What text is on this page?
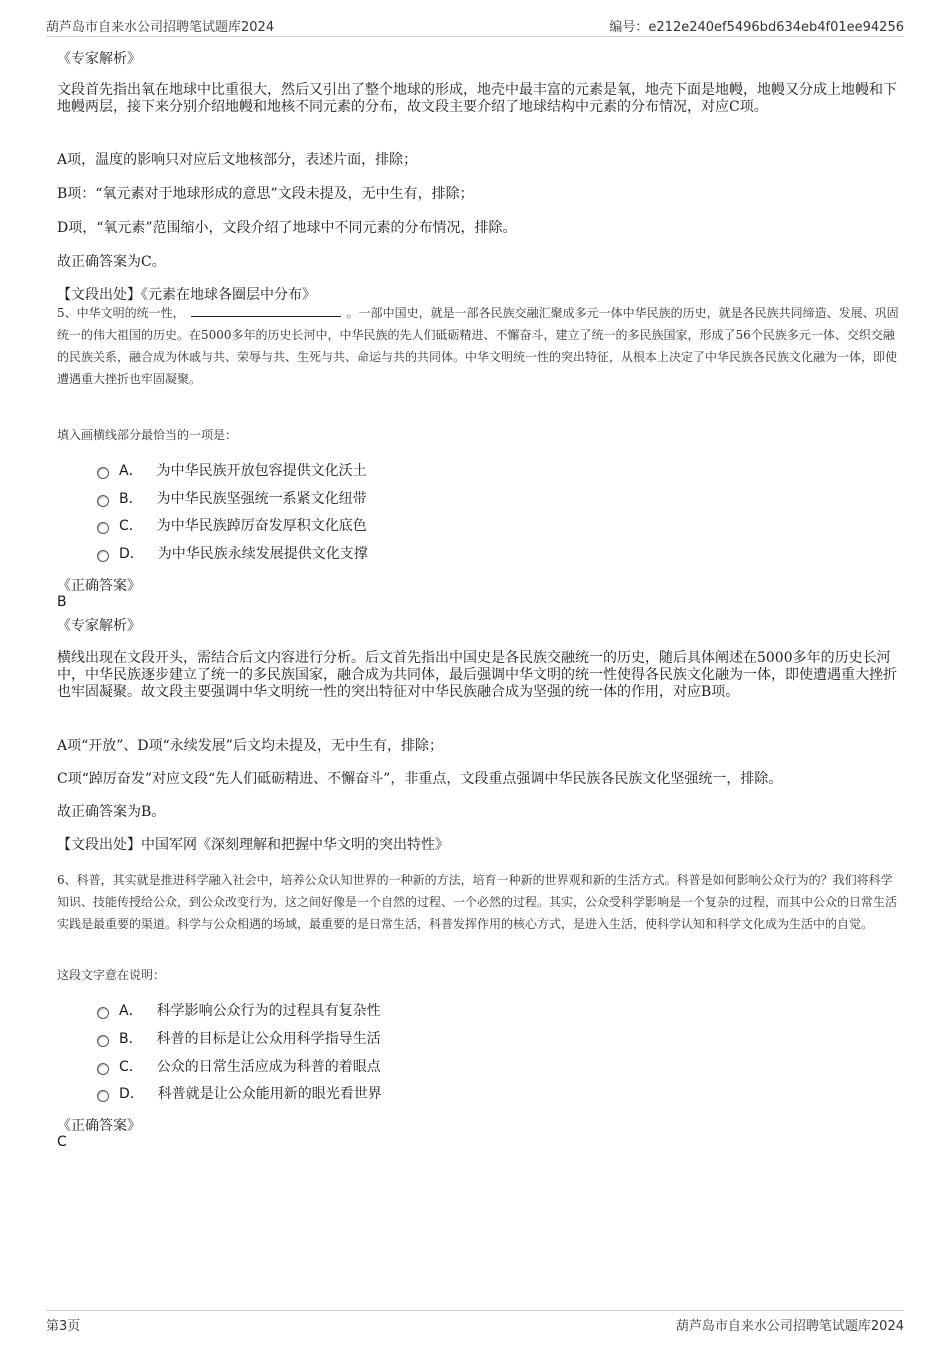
葫芦岛市自来水公司招聘笔试题库2024	编号：e212e240ef5496bd634eb4f01ee94256

《专家解析》

文段首先指出氧在地球中比重很大，然后又引出了整个地球的形成，地壳中最丰富的元素是氧，地壳下面是地幔，地幔又分成上地幔和下地幔两层，接下来分别介绍地幔和地核不同元素的分布，故文段主要介绍了地球结构中元素的分布情况，对应C项。

A项，温度的影响只对应后文地核部分，表述片面，排除；

B项：“氧元素对于地球形成的意思”文段未提及，无中生有，排除；

D项，“氧元素”范围缩小，文段介绍了地球中不同元素的分布情况，排除。

故正确答案为C。

【文段出处】《元素在地球各圈层中分布》

5、中华文明的统一性，	。一部中国史，就是一部各民族交融汇聚成多元一体中华民族的历史，就是各民族共同缔造、发展、巩固统一的伟大祖国的历史。在5000多年的历史长河中，中华民族的先人们砥砺精进、不懈奋斗，建立了统一的多民族国家，形成了56个民族多元一体、交织交融的民族关系，融合成为休戚与共、荣辱与共、生死与共、命运与共的共同体。中华文明统一性的突出特征，从根本上决定了中华民族各民族文化融为一体，即使遭遇重大挫折也牢固凝聚。

填入画横线部分最恰当的一项是：

A． 为中华民族开放包容提供文化沃土
B． 为中华民族坚强统一系紧文化纽带
C． 为中华民族踔厉奋发厚积文化底色
D． 为中华民族永续发展提供文化支撑

《正确答案》

B

《专家解析》

横线出现在文段开头，需结合后文内容进行分析。后文首先指出中国史是各民族交融统一的历史，随后具体阐述在5000多年的历史长河中，中华民族逐步建立了统一的多民族国家，融合成为共同体，最后强调中华文明的统一性使得各民族文化融为一体，即使遭遇重大挫折也牢固凝聚。故文段主要强调中华文明统一性的突出特征对中华民族融合成为坚强的统一体的作用，对应B项。

A项“开放”、D项“永续发展”后文均未提及，无中生有，排除；

C项“踔厉奋发”对应文段“先人们砥砺精进、不懈奋斗”，非重点，文段重点强调中华民族各民族文化坚强统一，排除。

故正确答案为B。

【文段出处】中国军网《深刻理解和把握中华文明的突出特性》

6、科普，其实就是推进科学融入社会中，培养公众认知世界的一种新的方法，培育一种新的世界观和新的生活方式。科普是如何影响公众行为的？我们将科学知识、技能传授给公众，到公众改变行为，这之间好像是一个自然的过程、一个必然的过程。其实，公众受科学影响是一个复杂的过程，而其中公众的日常生活实践是最重要的渠道。科学与公众相遇的场域，最重要的是日常生活，科普发挥作用的核心方式，是进入生活，使科学认知和科学文化成为生活中的自觉。

这段文字意在说明：

A． 科学影响公众行为的过程具有复杂性
B． 科普的目标是让公众用科学指导生活
C． 公众的日常生活应成为科普的着眼点
D． 科普就是让公众能用新的眼光看世界

《正确答案》

C

第3页	葫芦岛市自来水公司招聘笔试题库2024
